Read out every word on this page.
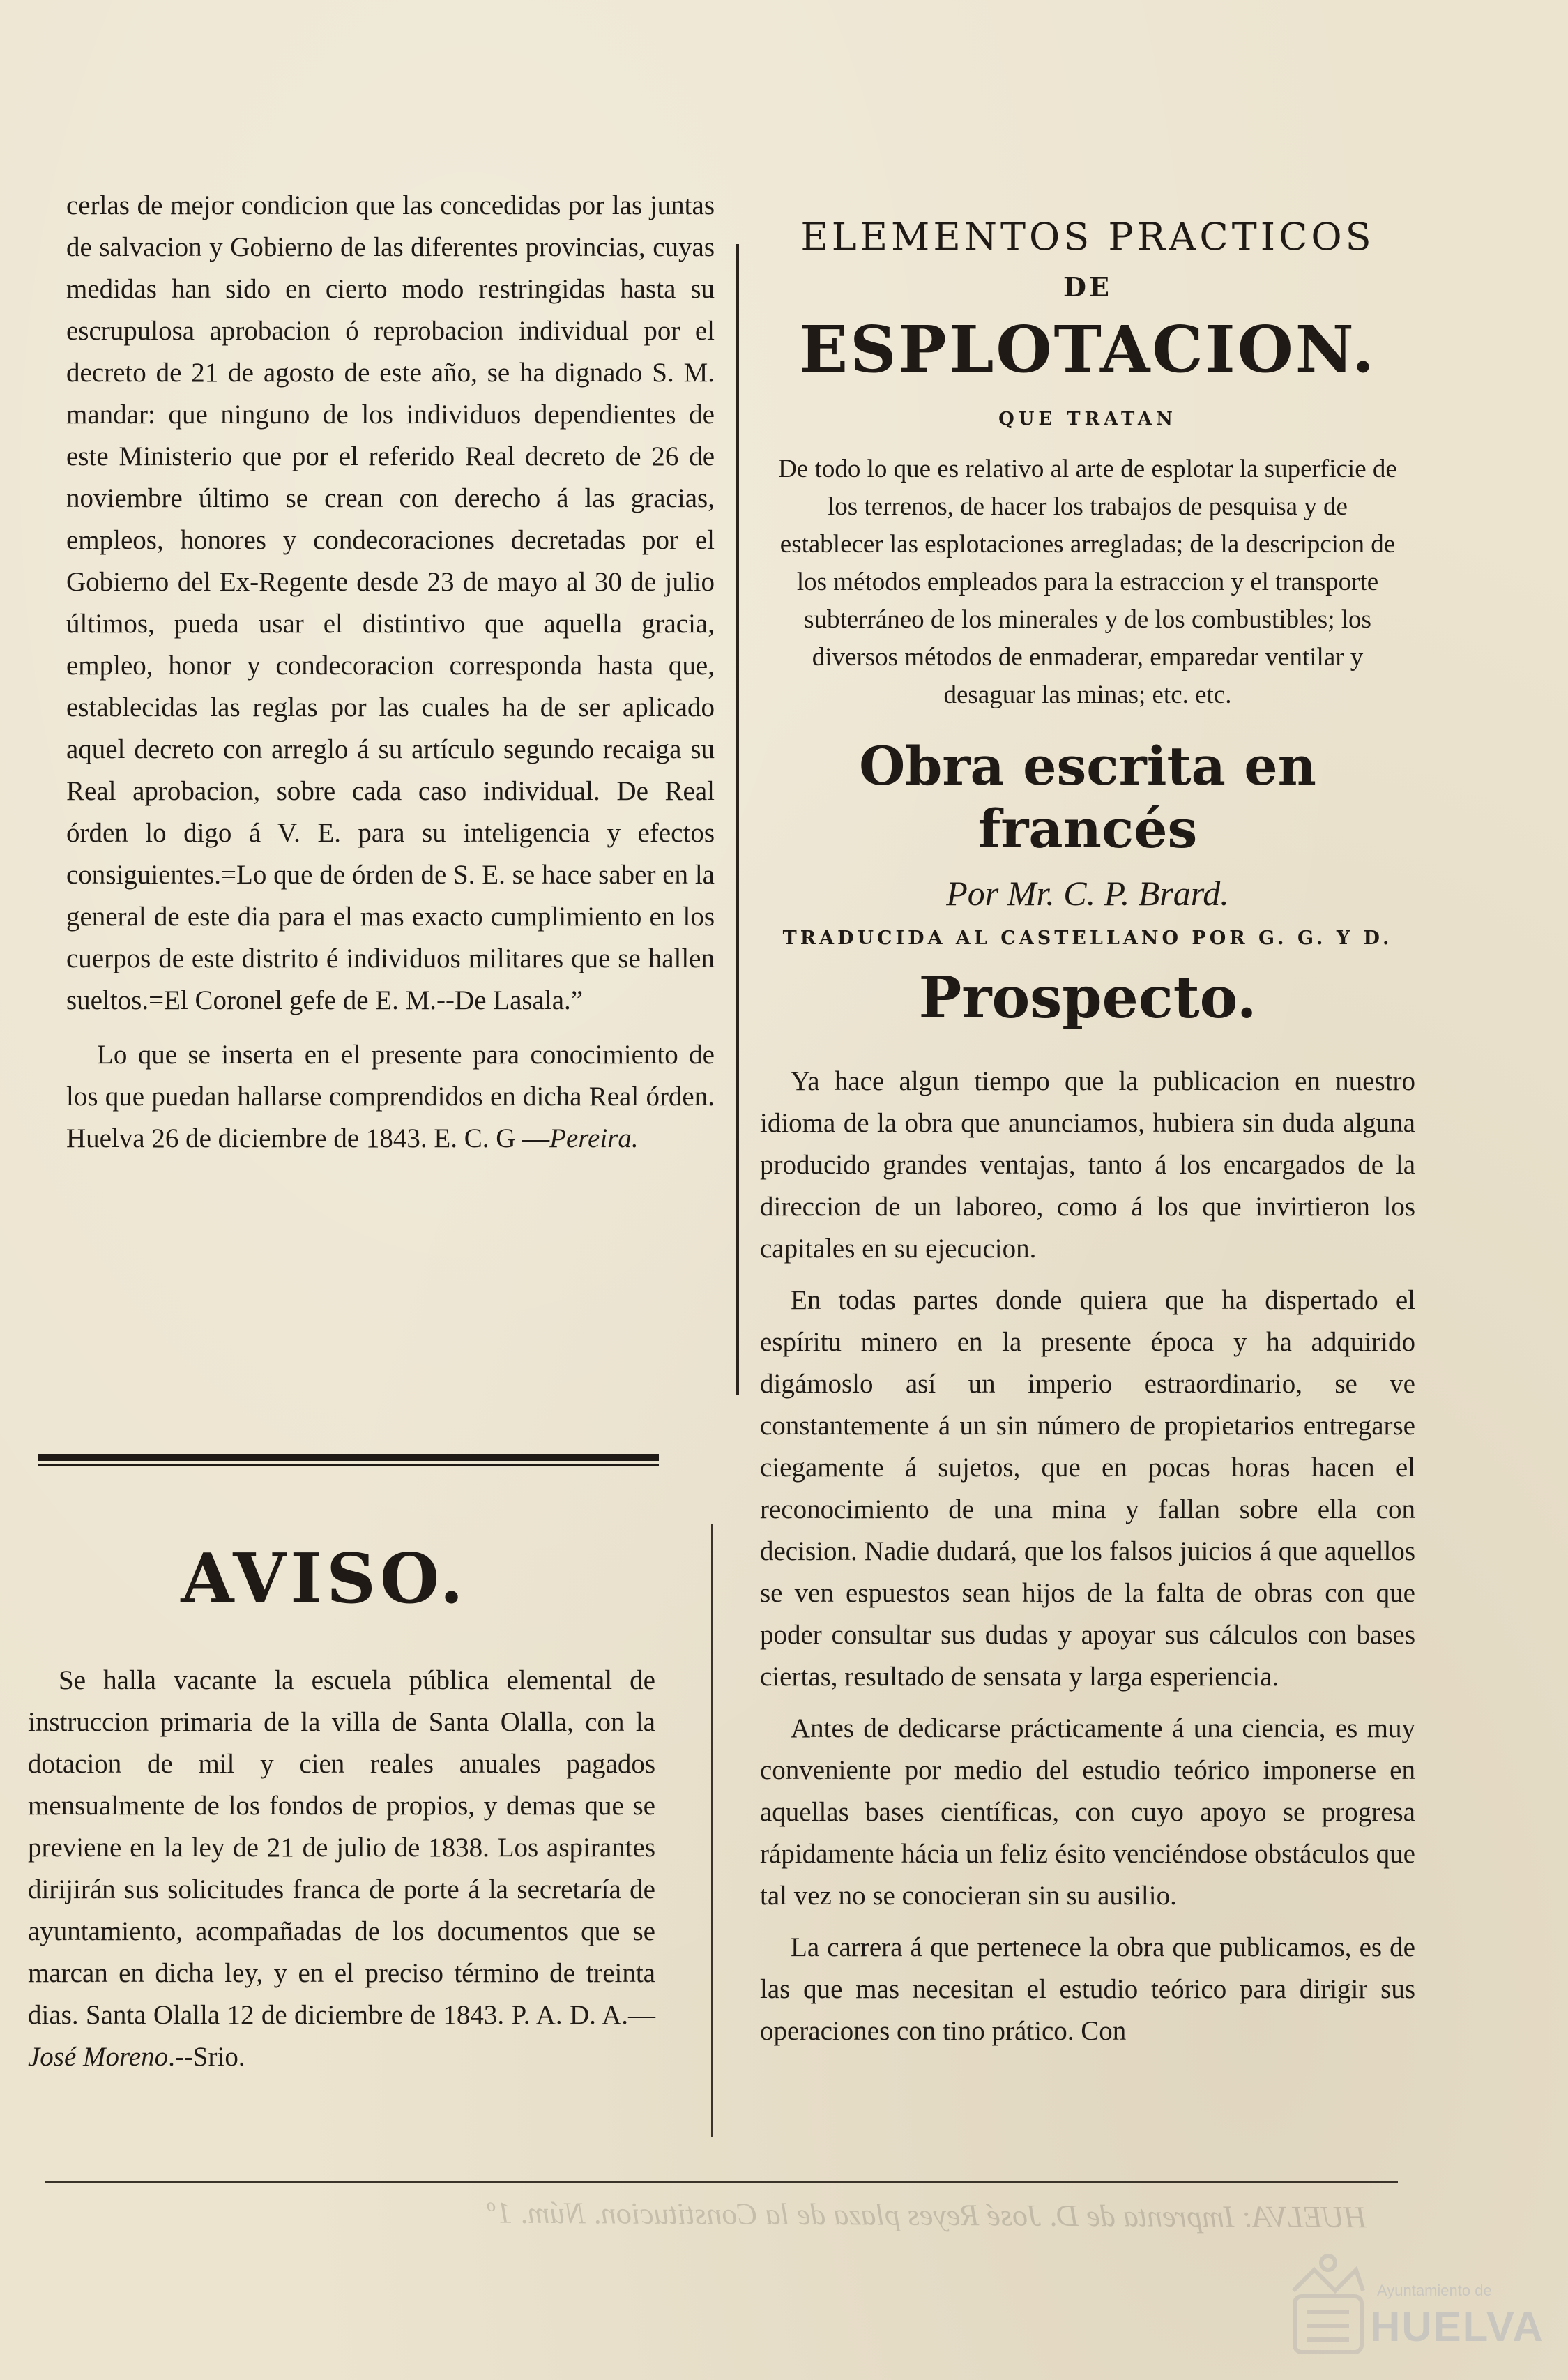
cerlas de mejor condicion que las concedidas por las juntas de salvacion y Gobierno de las diferentes provincias, cuyas medidas han sido en cierto modo restringidas hasta su escrupulosa aprobacion ó reprobacion individual por el decreto de 21 de agosto de este año, se ha dignado S. M. mandar: que ninguno de los individuos dependientes de este Ministerio que por el referido Real decreto de 26 de noviembre último se crean con derecho á las gracias, empleos, honores y condecoraciones decretadas por el Gobierno del Ex-Regente desde 23 de mayo al 30 de julio últimos, pueda usar el distintivo que aquella gracia, empleo, honor y condecoracion corresponda hasta que, establecidas las reglas por las cuales ha de ser aplicado aquel decreto con arreglo á su artículo segundo recaiga su Real aprobacion, sobre cada caso individual. De Real órden lo digo á V. E. para su inteligencia y efectos consiguientes.=Lo que de órden de S. E. se hace saber en la general de este dia para el mas exacto cumplimiento en los cuerpos de este distrito é individuos militares que se hallen sueltos.=El Coronel gefe de E. M.--De Lasala.”

Lo que se inserta en el presente para conocimiento de los que puedan hallarse comprendidos en dicha Real órden. Huelva 26 de diciembre de 1843. E. C. G —Pereira.

AVISO.

Se halla vacante la escuela pública elemental de instruccion primaria de la villa de Santa Olalla, con la dotacion de mil y cien reales anuales pagados mensualmente de los fondos de propios, y demas que se previene en la ley de 21 de julio de 1838. Los aspirantes dirijirán sus solicitudes franca de porte á la secretaría de ayuntamiento, acompañadas de los documentos que se marcan en dicha ley, y en el preciso término de treinta dias. Santa Olalla 12 de diciembre de 1843. P. A. D. A.—José Moreno.--Srio.

ELEMENTOS PRACTICOS
DE
ESPLOTACION.
QUE TRATAN
De todo lo que es relativo al arte de esplotar la superficie de los terrenos, de hacer los trabajos de pesquisa y de establecer las esplotaciones arregladas; de la descripcion de los métodos empleados para la estraccion y el transporte subterráneo de los minerales y de los combustibles; los diversos métodos de enmaderar, emparedar ventilar y desaguar las minas; etc. etc.
Obra escrita en francés
Por Mr. C. P. Brard.
TRADUCIDA AL CASTELLANO POR G. G. Y D.
Prospecto.

Ya hace algun tiempo que la publicacion en nuestro idioma de la obra que anunciamos, hubiera sin duda alguna producido grandes ventajas, tanto á los encargados de la direccion de un laboreo, como á los que invirtieron los capitales en su ejecucion.

En todas partes donde quiera que ha dispertado el espíritu minero en la presente época y ha adquirido digámoslo así un imperio estraordinario, se ve constantemente á un sin número de propietarios entregarse ciegamente á sujetos, que en pocas horas hacen el reconocimiento de una mina y fallan sobre ella con decision. Nadie dudará, que los falsos juicios á que aquellos se ven espuestos sean hijos de la falta de obras con que poder consultar sus dudas y apoyar sus cálculos con bases ciertas, resultado de sensata y larga esperiencia.

Antes de dedicarse prácticamente á una ciencia, es muy conveniente por medio del estudio teórico imponerse en aquellas bases científicas, con cuyo apoyo se progresa rápidamente hácia un feliz ésito venciéndose obstáculos que tal vez no se conocieran sin su ausilio.

La carrera á que pertenece la obra que publicamos, es de las que mas necesitan el estudio teórico para dirigir sus operaciones con tino prático. Con

HUELVA: Imprenta de D. José Reyes plaza de la Constitucion. Núm. 1º
Ayuntamiento de
HUELVA
